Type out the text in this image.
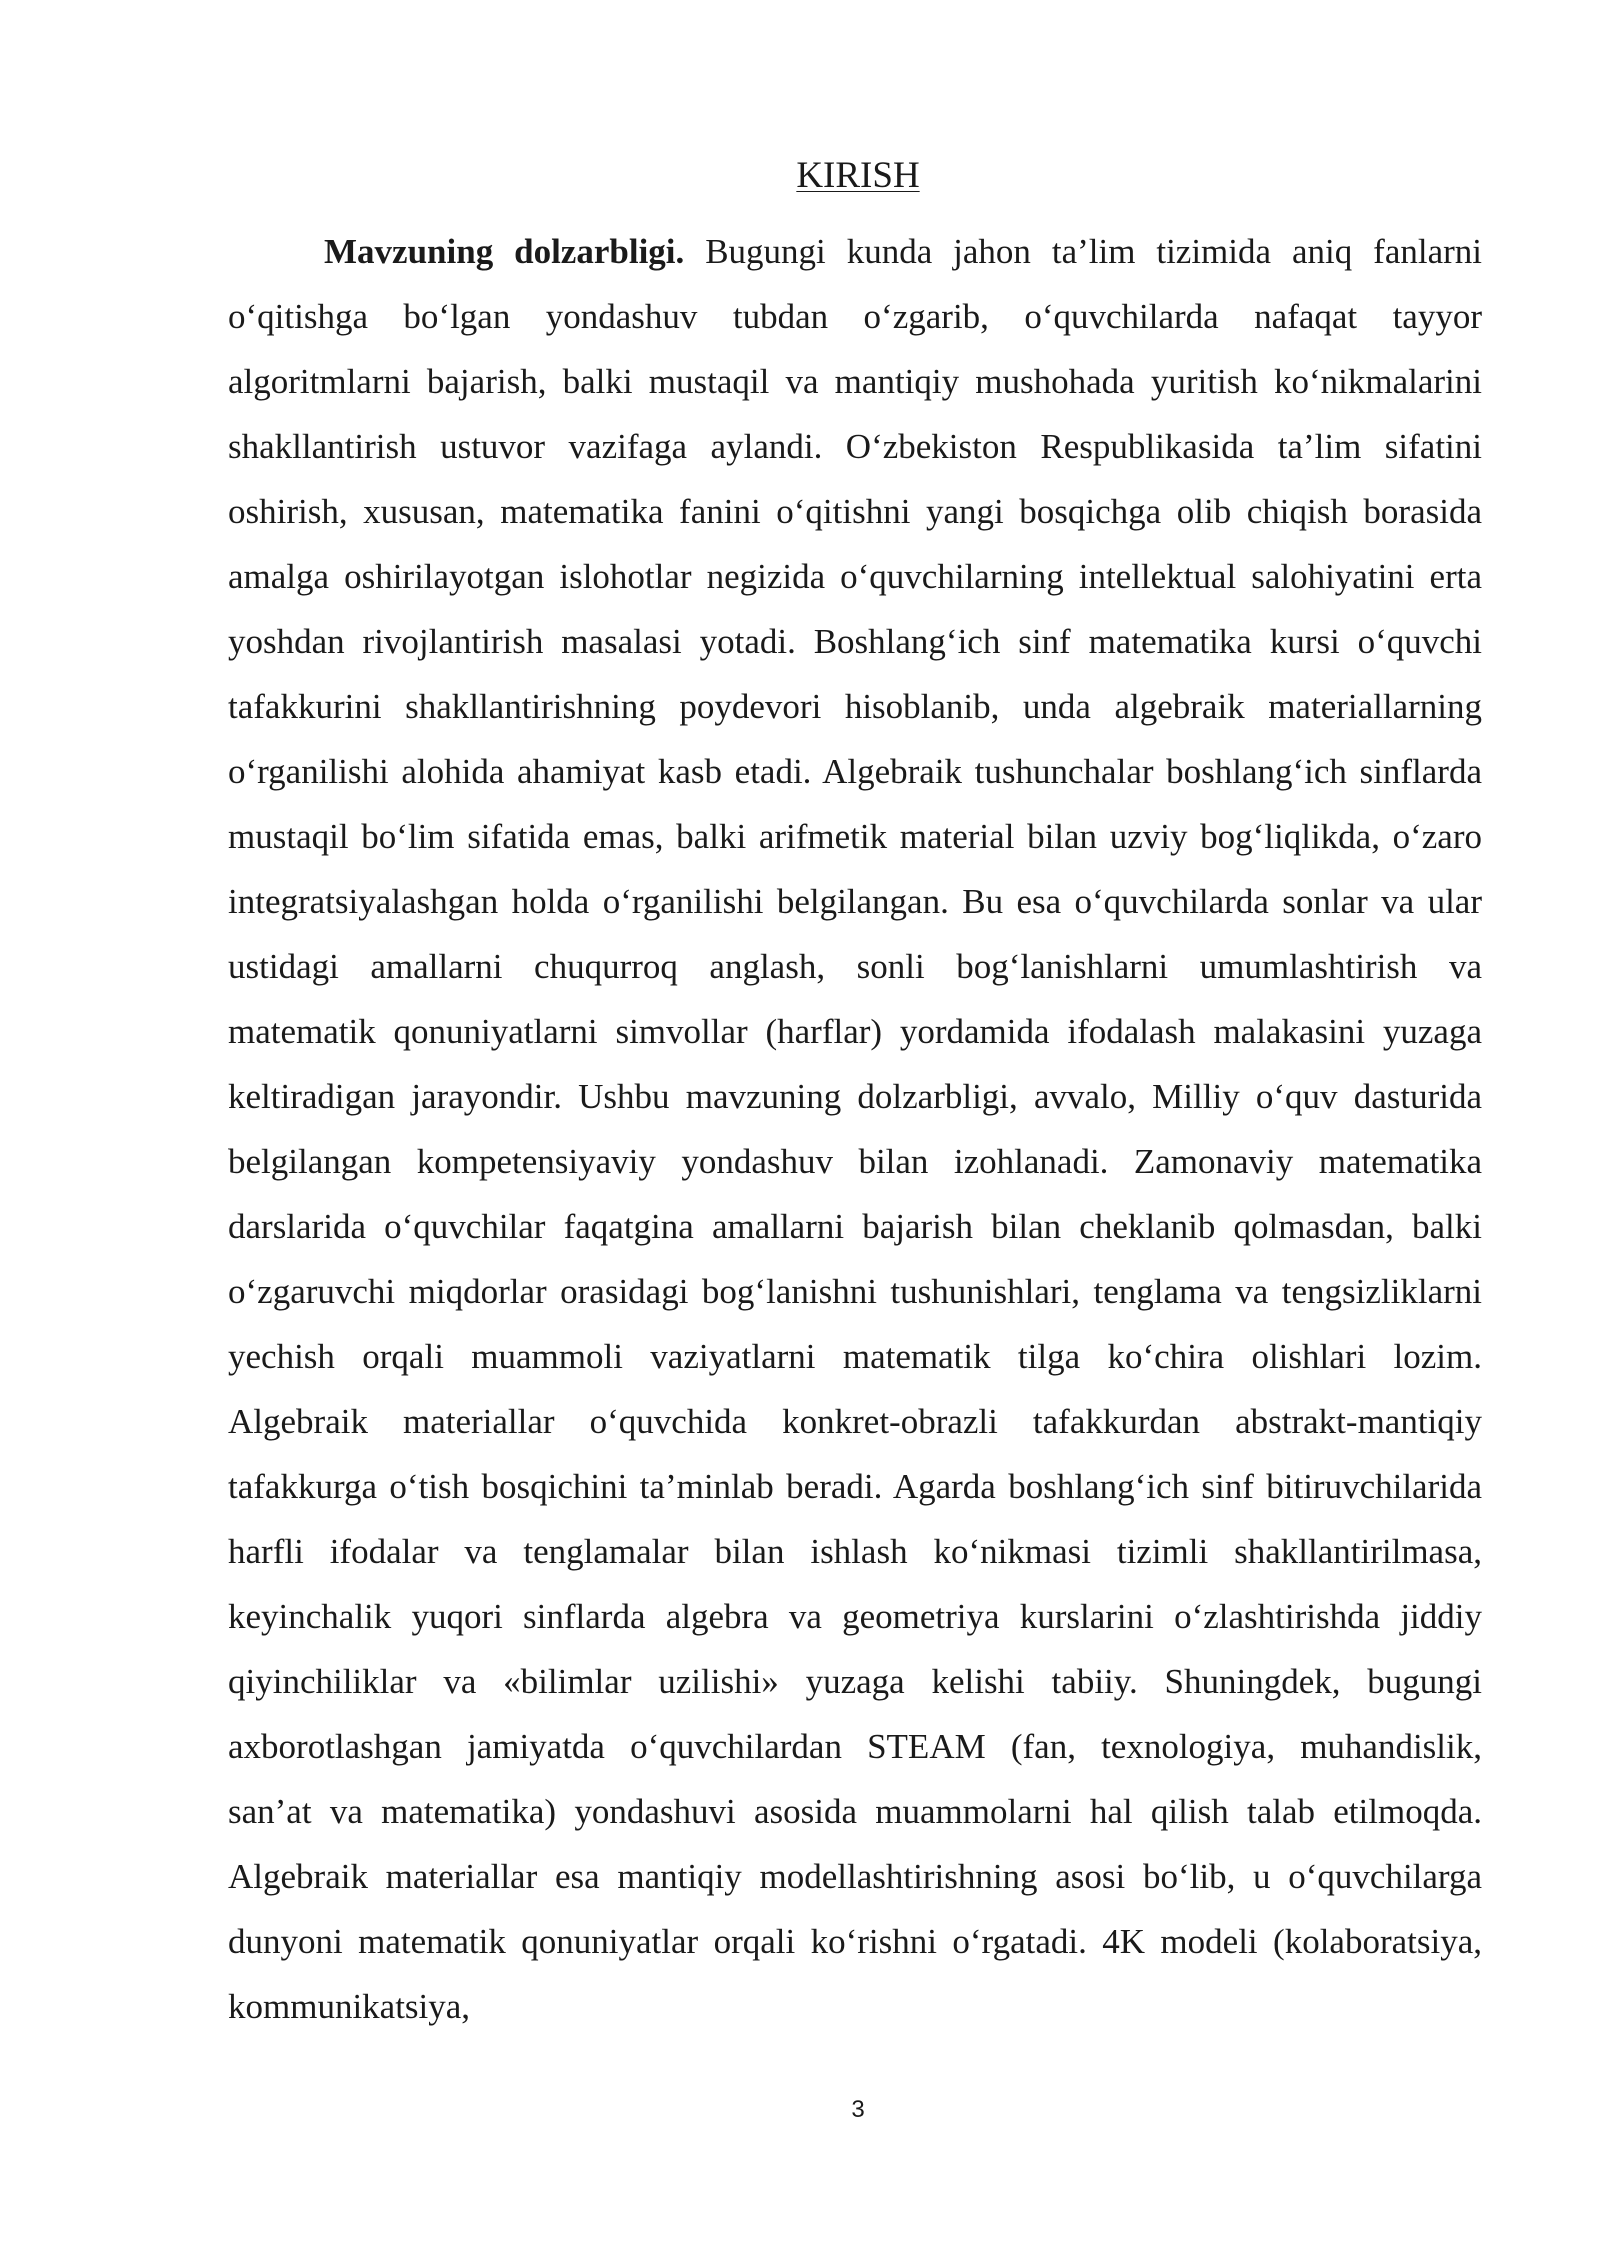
KIRISH

Mavzuning dolzarbligi. Bugungi kunda jahon ta’lim tizimida aniq fanlarni o‘qitishga bo‘lgan yondashuv tubdan o‘zgarib, o‘quvchilarda nafaqat tayyor algoritmlarni bajarish, balki mustaqil va mantiqiy mushohada yuritish ko‘nikmalarini shakllantirish ustuvor vazifaga aylandi. O‘zbekiston Respublikasida ta’lim sifatini oshirish, xususan, matematika fanini o‘qitishni yangi bosqichga olib chiqish borasida amalga oshirilayotgan islohotlar negizida o‘quvchilarning intellektual salohiyatini erta yoshdan rivojlantirish masalasi yotadi. Boshlang‘ich sinf matematika kursi o‘quvchi tafakkurini shakllantirishning poydevori hisoblanib, unda algebraik materiallarning o‘rganilishi alohida ahamiyat kasb etadi. Algebraik tushunchalar boshlang‘ich sinflarda mustaqil bo‘lim sifatida emas, balki arifmetik material bilan uzviy bog‘liqlikda, o‘zaro integratsiyalashgan holda o‘rganilishi belgilangan. Bu esa o‘quvchilarda sonlar va ular ustidagi amallarni chuqurroq anglash, sonli bog‘lanishlarni umumlashtirish va matematik qonuniyatlarni simvollar (harflar) yordamida ifodalash malakasini yuzaga keltiradigan jarayondir. Ushbu mavzuning dolzarbligi, avvalo, Milliy o‘quv dasturida belgilangan kompetensiyaviy yondashuv bilan izohlanadi. Zamonaviy matematika darslarida o‘quvchilar faqatgina amallarni bajarish bilan cheklanib qolmasdan, balki o‘zgaruvchi miqdorlar orasidagi bog‘lanishni tushunishlari, tenglama va tengsizliklarni yechish orqali muammoli vaziyatlarni matematik tilga ko‘chira olishlari lozim. Algebraik materiallar o‘quvchida konkret-obrazli tafakkurdan abstrakt-mantiqiy tafakkurga o‘tish bosqichini ta’minlab beradi. Agarda boshlang‘ich sinf bitiruvchilarida harfli ifodalar va tenglamalar bilan ishlash ko‘nikmasi tizimli shakllantirilmasa, keyinchalik yuqori sinflarda algebra va geometriya kurslarini o‘zlashtirishda jiddiy qiyinchiliklar va «bilimlar uzilishi» yuzaga kelishi tabiiy. Shuningdek, bugungi axborotlashgan jamiyatda o‘quvchilardan STEAM (fan, texnologiya, muhandislik, san’at va matematika) yondashuvi asosida muammolarni hal qilish talab etilmoqda. Algebraik materiallar esa mantiqiy modellashtirishning asosi bo‘lib, u o‘quvchilarga dunyoni matematik qonuniyatlar orqali ko‘rishni o‘rgatadi. 4K modeli (kolaboratsiya, kommunikatsiya,

3
